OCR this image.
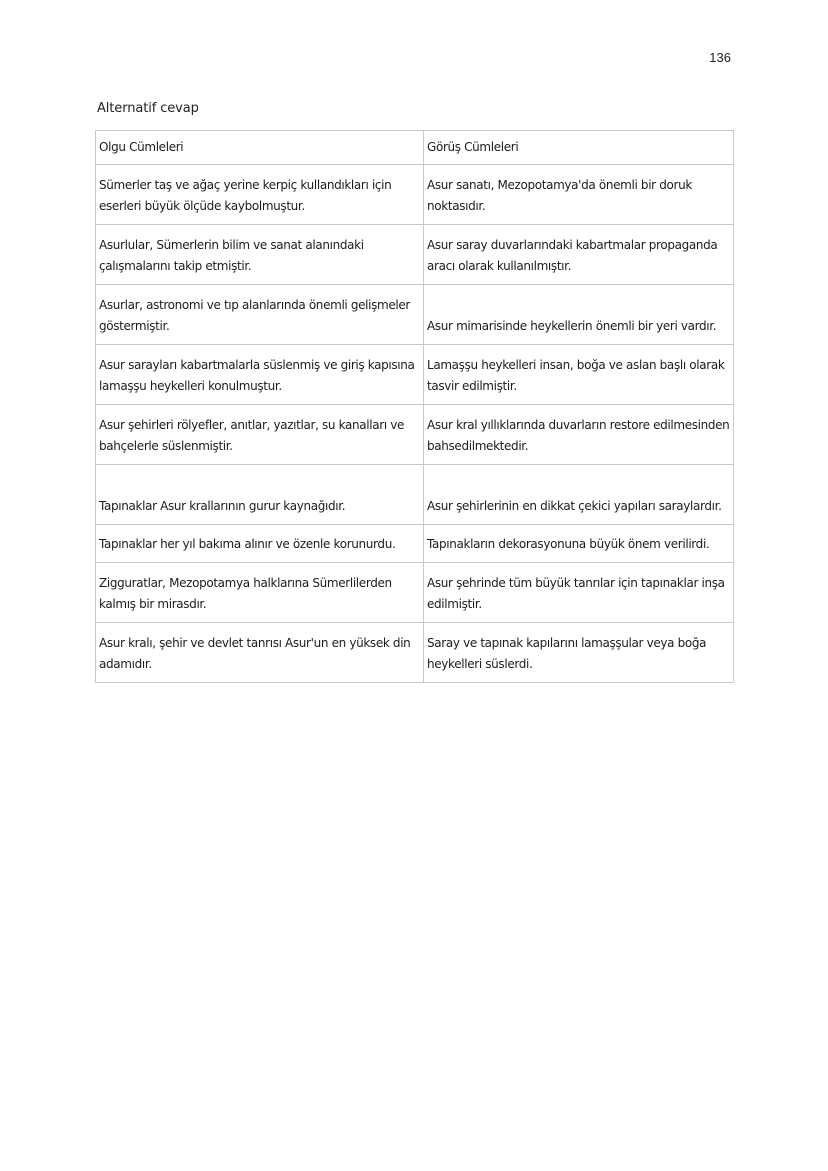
136
Alternatif cevap
Olgu Cümleleri	Görüş Cümleleri
Sümerler taş ve ağaç yerine kerpiç kullandıkları için eserleri büyük ölçüde kaybolmuştur.	Asur sanatı, Mezopotamya'da önemli bir doruk noktasıdır.
Asurlular, Sümerlerin bilim ve sanat alanındaki çalışmalarını takip etmiştir.	Asur saray duvarlarındaki kabartmalar propaganda aracı olarak kullanılmıştır.
Asurlar, astronomi ve tıp alanlarında önemli gelişmeler göstermiştir.	Asur mimarisinde heykellerin önemli bir yeri vardır.
Asur sarayları kabartmalarla süslenmiş ve giriş kapısına lamaşşu heykelleri konulmuştur.	Lamaşşu heykelleri insan, boğa ve aslan başlı olarak tasvir edilmiştir.
Asur şehirleri rölyefler, anıtlar, yazıtlar, su kanalları ve bahçelerle süslenmiştir.	Asur kral yıllıklarında duvarların restore edilmesinden bahsedilmektedir.
Tapınaklar Asur krallarının gurur kaynağıdır.	Asur şehirlerinin en dikkat çekici yapıları saraylardır.
Tapınaklar her yıl bakıma alınır ve özenle korunurdu.	Tapınakların dekorasyonuna büyük önem verilirdi.
Zigguratlar, Mezopotamya halklarına Sümerlilerden kalmış bir mirasdır.	Asur şehrinde tüm büyük tanrılar için tapınaklar inşa edilmiştir.
Asur kralı, şehir ve devlet tanrısı Asur'un en yüksek din adamıdır.	Saray ve tapınak kapılarını lamaşşular veya boğa heykelleri süslerdi.
